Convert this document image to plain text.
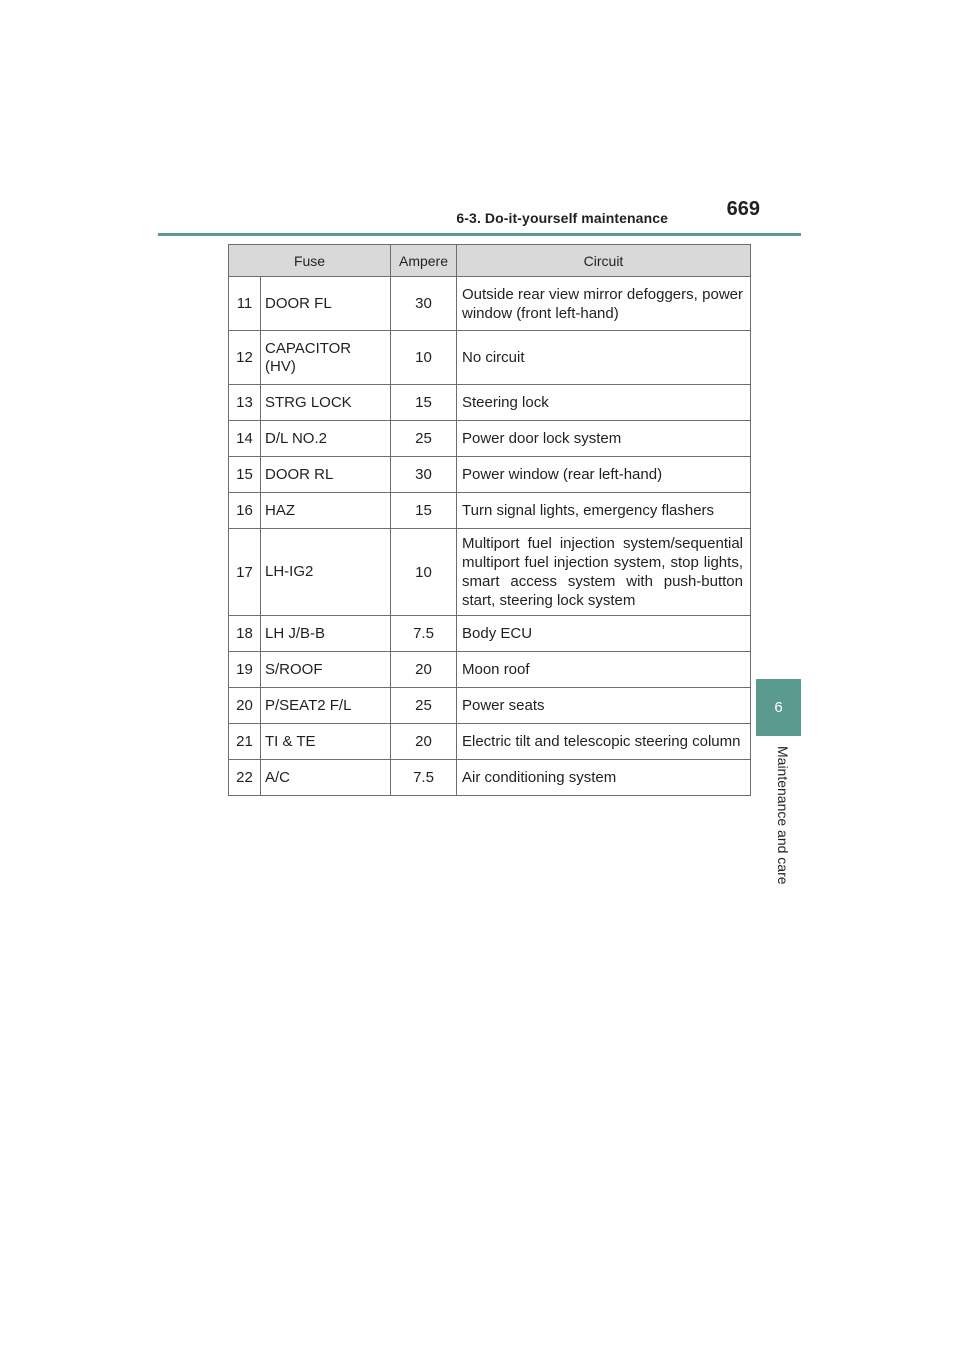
6-3. Do-it-yourself maintenance	669
6
Maintenance and care
Fuse		Ampere	Circuit
11	DOOR FL	30	Outside rear view mirror defoggers, power window (front left-hand)
12	CAPACITOR (HV)	10	No circuit
13	STRG LOCK	15	Steering lock
14	D/L NO.2	25	Power door lock system
15	DOOR RL	30	Power window (rear left-hand)
16	HAZ	15	Turn signal lights, emergency flashers
17	LH-IG2	10	Multiport fuel injection system/sequential multiport fuel injection system, stop lights, smart access system with push-button start, steering lock system
18	LH J/B-B	7.5	Body ECU
19	S/ROOF	20	Moon roof
20	P/SEAT2 F/L	25	Power seats
21	TI & TE	20	Electric tilt and telescopic steering column
22	A/C	7.5	Air conditioning system
